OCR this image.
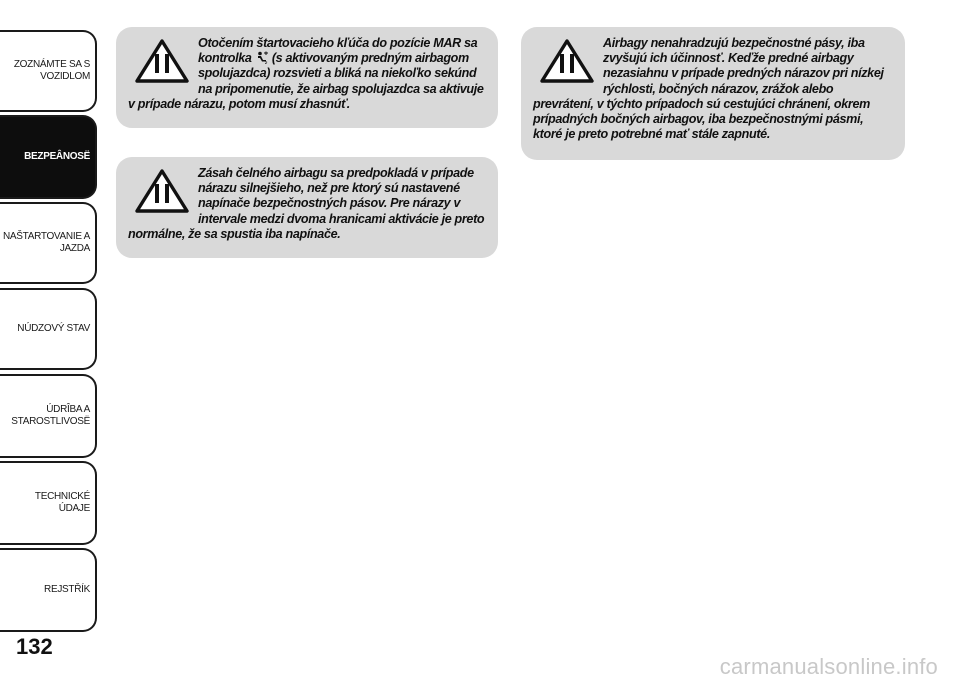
ZOZNÁMTE SA S
VOZIDLOM
BEZPEÂNOSË
NAŠTARTOVANIE A
JAZDA
NÚDZOVÝ STAV
ÚDRÎBA A
STAROSTLIVOSË
TECHNICKÉ ÚDAJE
REJSTŘÍK
132
Otočením štartovacieho kľúča do pozície MAR sa kontrolka	2 (s aktivovaným predným airbagom spolujazdca) rozsvieti a bliká na niekoľko sekúnd na pripomenutie, že airbag spolujazdca sa aktivuje v prípade nárazu, potom musí zhasnúť.
Zásah čelného airbagu sa predpokladá v prípade nárazu silnejšieho, než pre ktorý sú nastavené napínače bezpečnostných pásov. Pre nárazy v intervale medzi dvoma hranicami aktivácie je preto normálne, že sa spustia iba napínače.
Airbagy nenahradzujú bezpečnostné pásy, iba zvyšujú ich účinnosť. Keďže predné airbagy nezasiahnu v prípade predných nárazov pri nízkej rýchlosti, bočných nárazov, zrážok alebo prevrátení, v týchto prípadoch sú cestujúci chránení, okrem prípadných bočných airbagov, iba bezpečnostnými pásmi, ktoré je preto potrebné mať stále zapnuté.
carmanualsonline.info
